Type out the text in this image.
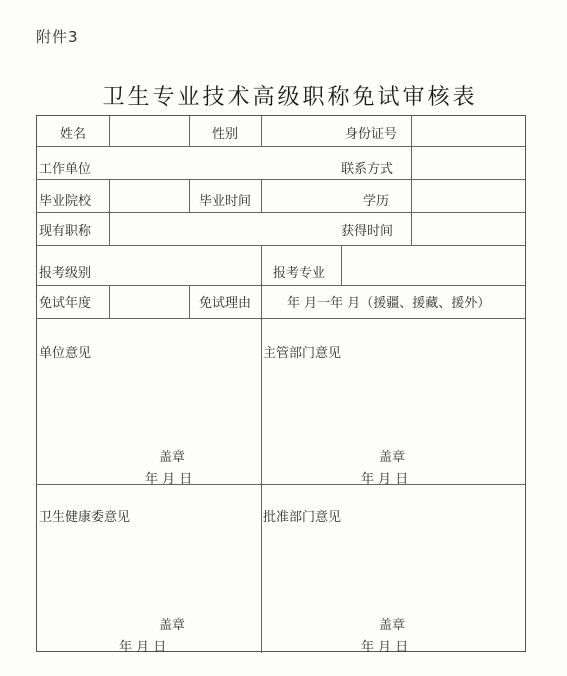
附件3
卫生专业技术高级职称免试审核表
姓名	性别	身份证号
工作单位	联系方式
毕业院校	毕业时间	学历
现有职称	获得时间
报考级别	报考专业
免试年度	免试理由	年 月一年 月（援疆、援藏、援外）
单位意见
盖章
年 月 日
主管部门意见
盖章
年 月 日
卫生健康委意见
盖章
年 月 日
批准部门意见
盖章
年 月 日
